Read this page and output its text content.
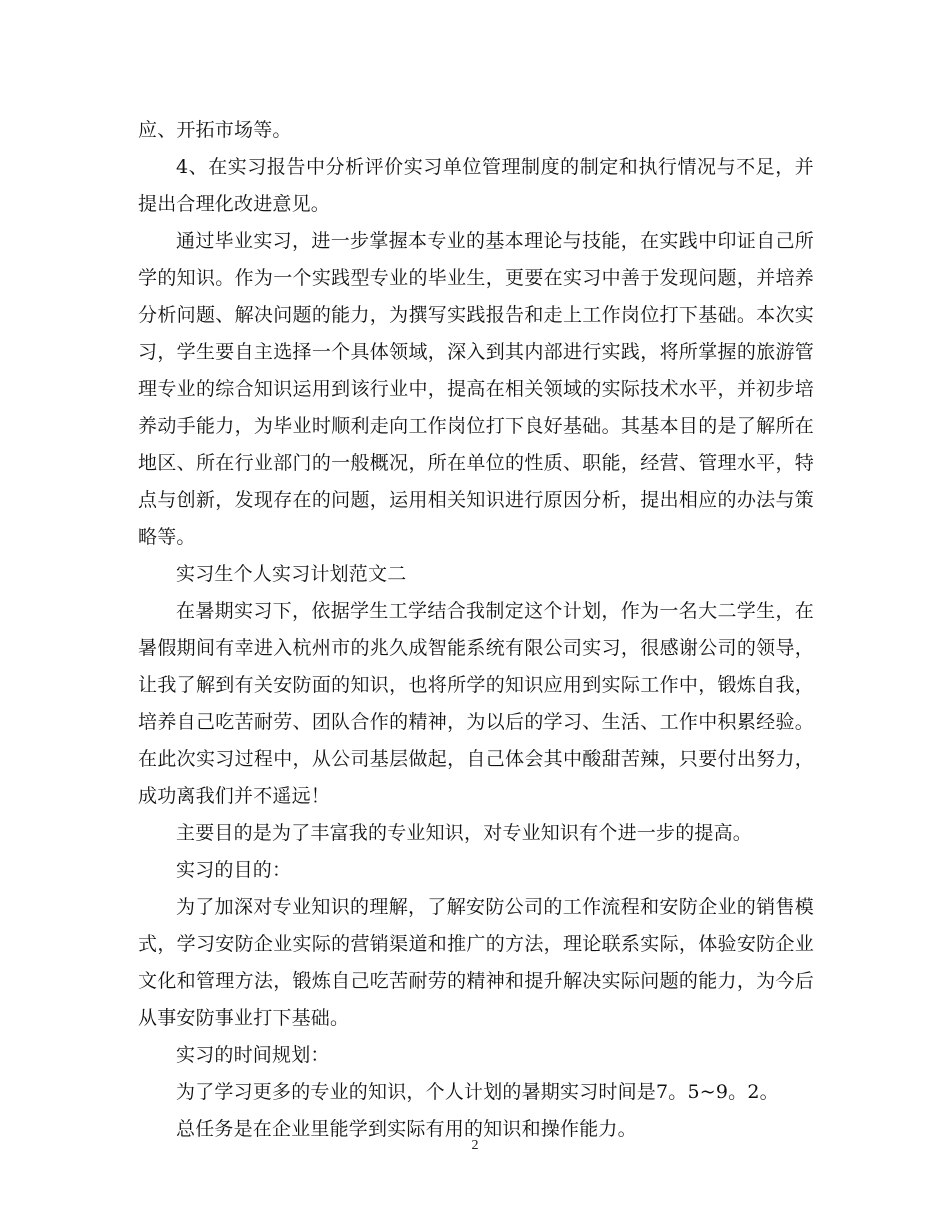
应、开拓市场等。

4、在实习报告中分析评价实习单位管理制度的制定和执行情况与不足，并提出合理化改进意见。

通过毕业实习，进一步掌握本专业的基本理论与技能，在实践中印证自己所学的知识。作为一个实践型专业的毕业生，更要在实习中善于发现问题，并培养分析问题、解决问题的能力，为撰写实践报告和走上工作岗位打下基础。本次实习，学生要自主选择一个具体领域，深入到其内部进行实践，将所掌握的旅游管理专业的综合知识运用到该行业中，提高在相关领域的实际技术水平，并初步培养动手能力，为毕业时顺利走向工作岗位打下良好基础。其基本目的是了解所在地区、所在行业部门的一般概况，所在单位的性质、职能，经营、管理水平，特点与创新，发现存在的问题，运用相关知识进行原因分析，提出相应的办法与策略等。

实习生个人实习计划范文二

在暑期实习下，依据学生工学结合我制定这个计划，作为一名大二学生，在暑假期间有幸进入杭州市的兆久成智能系统有限公司实习，很感谢公司的领导，让我了解到有关安防面的知识，也将所学的知识应用到实际工作中，锻炼自我，培养自己吃苦耐劳、团队合作的精神，为以后的学习、生活、工作中积累经验。在此次实习过程中，从公司基层做起，自己体会其中酸甜苦辣，只要付出努力，成功离我们并不遥远！

主要目的是为了丰富我的专业知识，对专业知识有个进一步的提高。

实习的目的：

为了加深对专业知识的理解，了解安防公司的工作流程和安防企业的销售模式，学习安防企业实际的营销渠道和推广的方法，理论联系实际，体验安防企业文化和管理方法，锻炼自己吃苦耐劳的精神和提升解决实际问题的能力，为今后从事安防事业打下基础。

实习的时间规划：

为了学习更多的专业的知识，个人计划的暑期实习时间是7。5~9。2。

总任务是在企业里能学到实际有用的知识和操作能力。

2
